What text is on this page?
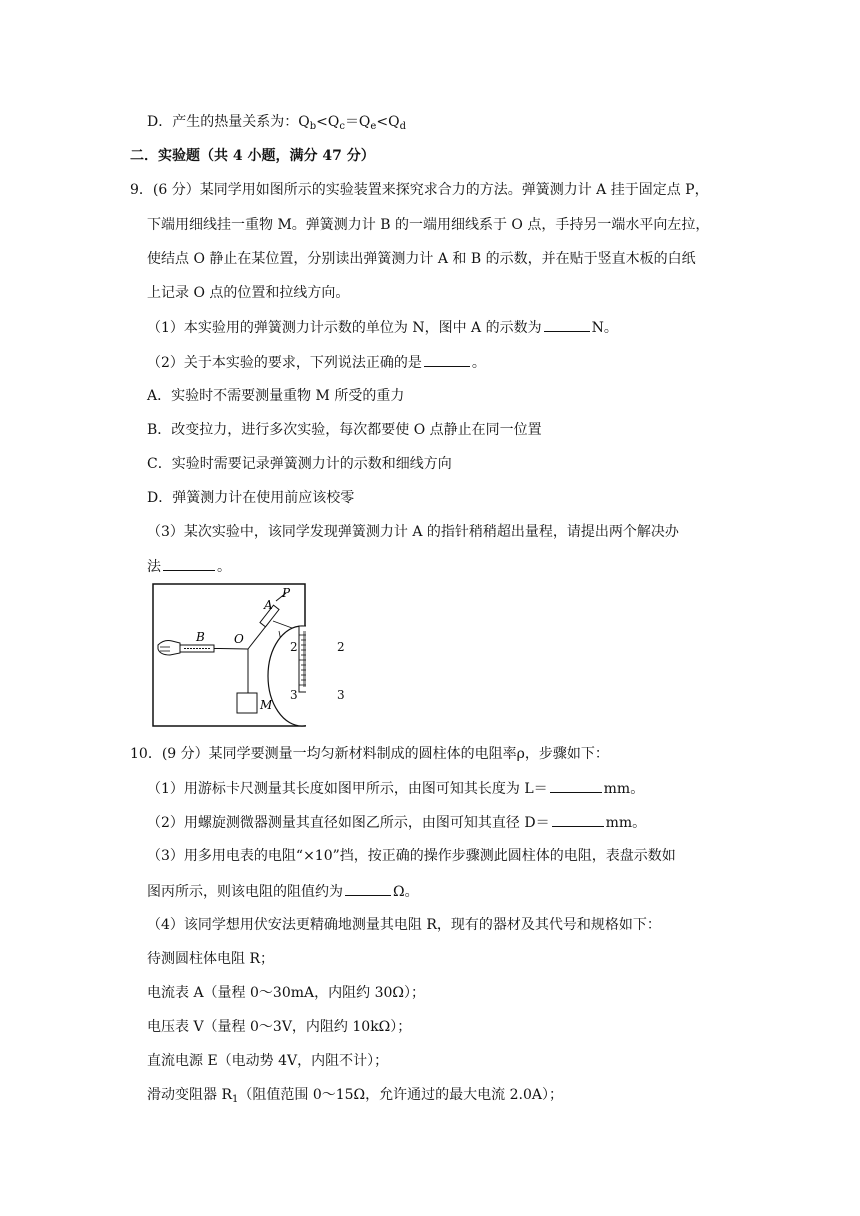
D．产生的热量关系为：$Q_b<Q_c=Q_e<Q_d$
二．实验题（共 4 小题，满分 47 分）
9．(6 分）某同学用如图所示的实验装置来探究求合力的方法。弹簧测力计 A 挂于固定点 P，
下端用细线挂一重物 M。弹簧测力计 B 的一端用细线系于 O 点，手持另一端水平向左拉，
使结点 O 静止在某位置，分别读出弹簧测力计 A 和 B 的示数，并在贴于竖直木板的白纸
上记录 O 点的位置和拉线方向。
（1）本实验用的弹簧测力计示数的单位为 N，图中 A 的示数为	N。
（2）关于本实验的要求，下列说法正确的是	。
A．实验时不需要测量重物 M 所受的重力
B．改变拉力，进行多次实验，每次都要使 O 点静止在同一位置
C．实验时需要记录弹簧测力计的示数和细线方向
D．弹簧测力计在使用前应该校零
（3）某次实验中，该同学发现弹簧测力计 A 的指针稍稍超出量程，请提出两个解决办
法	。
B O
A
P
M
2	2
3	3
10．(9 分）某同学要测量一均匀新材料制成的圆柱体的电阻率ρ，步骤如下：
（1）用游标卡尺测量其长度如图甲所示，由图可知其长度为 L＝	mm。
（2）用螺旋测微器测量其直径如图乙所示，由图可知其直径 D＝	mm。
（3）用多用电表的电阻“×10”挡，按正确的操作步骤测此圆柱体的电阻，表盘示数如
图丙所示，则该电阻的阻值约为	Ω。
（4）该同学想用伏安法更精确地测量其电阻 R，现有的器材及其代号和规格如下：
待测圆柱体电阻 R；
电流表 A（量程 0～30mA，内阻约 30Ω）；
电压表 V（量程 0～3V，内阻约 10kΩ）；
直流电源 E（电动势 4V，内阻不计）；
滑动变阻器 $R_1$（阻值范围 0～15Ω，允许通过的最大电流 2.0A）；
